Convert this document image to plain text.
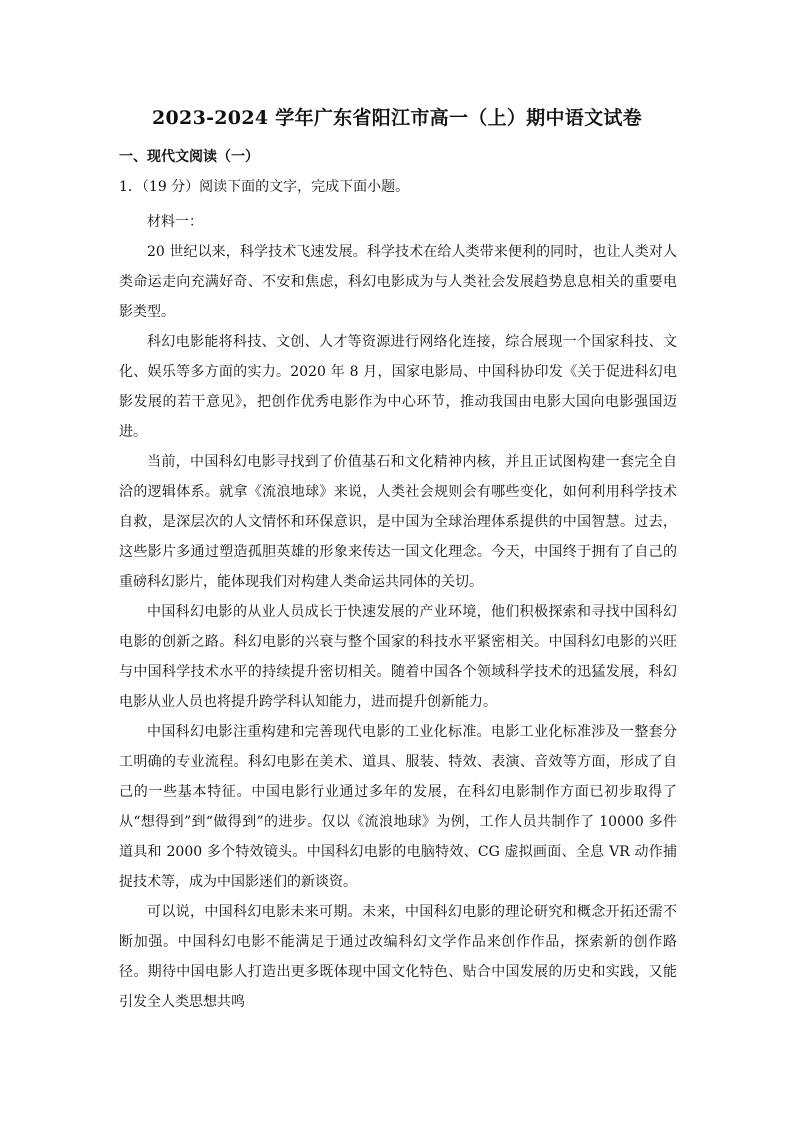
2023-2024 学年广东省阳江市高一（上）期中语文试卷
一、现代文阅读（一）
1．（19 分）阅读下面的文字，完成下面小题。

材料一：

20 世纪以来，科学技术飞速发展。科学技术在给人类带来便利的同时，也让人类对人类命运走向充满好奇、不安和焦虑，科幻电影成为与人类社会发展趋势息息相关的重要电影类型。

科幻电影能将科技、文创、人才等资源进行网络化连接，综合展现一个国家科技、文化、娱乐等多方面的实力。2020 年 8 月，国家电影局、中国科协印发《关于促进科幻电影发展的若干意见》，把创作优秀电影作为中心环节，推动我国由电影大国向电影强国迈进。

当前，中国科幻电影寻找到了价值基石和文化精神内核，并且正试图构建一套完全自洽的逻辑体系。就拿《流浪地球》来说，人类社会规则会有哪些变化，如何利用科学技术自救，是深层次的人文情怀和环保意识，是中国为全球治理体系提供的中国智慧。过去，这些影片多通过塑造孤胆英雄的形象来传达一国文化理念。今天，中国终于拥有了自己的重磅科幻影片，能体现我们对构建人类命运共同体的关切。

中国科幻电影的从业人员成长于快速发展的产业环境，他们积极探索和寻找中国科幻电影的创新之路。科幻电影的兴衰与整个国家的科技水平紧密相关。中国科幻电影的兴旺与中国科学技术水平的持续提升密切相关。随着中国各个领域科学技术的迅猛发展，科幻电影从业人员也将提升跨学科认知能力，进而提升创新能力。

中国科幻电影注重构建和完善现代电影的工业化标准。电影工业化标准涉及一整套分工明确的专业流程。科幻电影在美术、道具、服装、特效、表演、音效等方面，形成了自己的一些基本特征。中国电影行业通过多年的发展，在科幻电影制作方面已初步取得了从“想得到”到“做得到”的进步。仅以《流浪地球》为例，工作人员共制作了 10000 多件道具和 2000 多个特效镜头。中国科幻电影的电脑特效、CG 虚拟画面、全息 VR 动作捕捉技术等，成为中国影迷们的新谈资。

可以说，中国科幻电影未来可期。未来，中国科幻电影的理论研究和概念开拓还需不断加强。中国科幻电影不能满足于通过改编科幻文学作品来创作作品，探索新的创作路径。期待中国电影人打造出更多既体现中国文化特色、贴合中国发展的历史和实践，又能引发全人类思想共鸣
